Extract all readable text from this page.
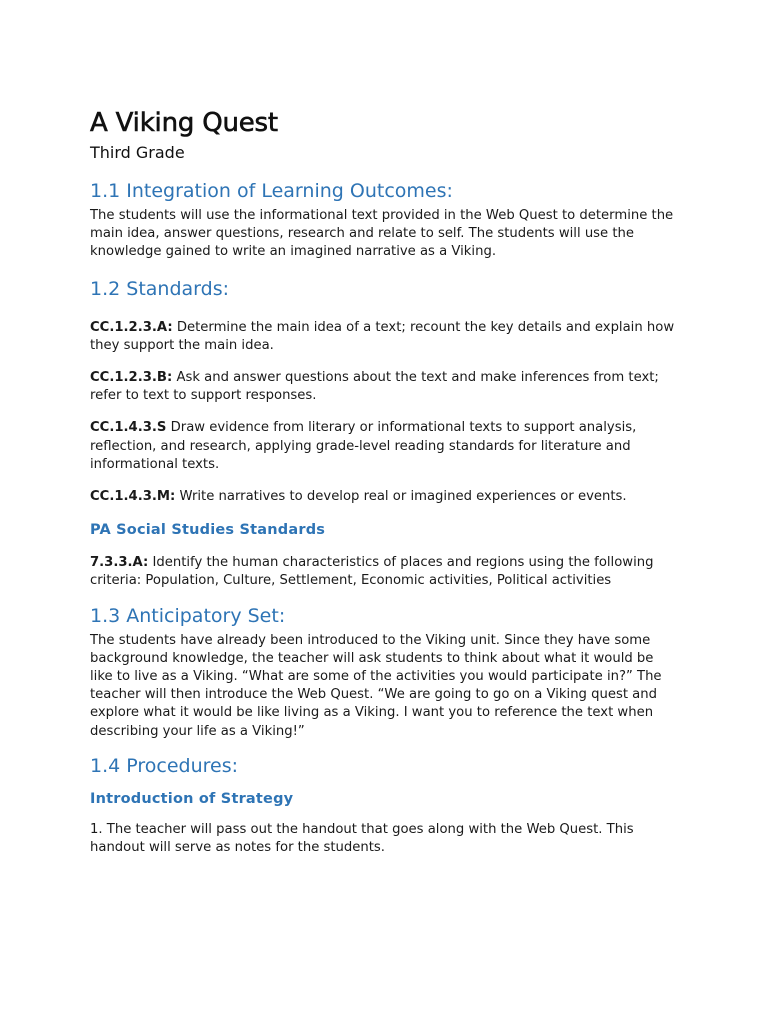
A Viking Quest
Third Grade
1.1 Integration of Learning Outcomes:

The students will use the informational text provided in the Web Quest to determine the main idea, answer questions, research and relate to self. The students will use the knowledge gained to write an imagined narrative as a Viking.

1.2 Standards:

CC.1.2.3.A: Determine the main idea of a text; recount the key details and explain how they support the main idea.

CC.1.2.3.B: Ask and answer questions about the text and make inferences from text; refer to text to support responses.

CC.1.4.3.S Draw evidence from literary or informational texts to support analysis, reflection, and research, applying grade-level reading standards for literature and informational texts.

CC.1.4.3.M: Write narratives to develop real or imagined experiences or events.

PA Social Studies Standards

7.3.3.A: Identify the human characteristics of places and regions using the following criteria: Population, Culture, Settlement, Economic activities, Political activities

1.3 Anticipatory Set:

The students have already been introduced to the Viking unit. Since they have some background knowledge, the teacher will ask students to think about what it would be like to live as a Viking. “What are some of the activities you would participate in?” The teacher will then introduce the Web Quest. “We are going to go on a Viking quest and explore what it would be like living as a Viking. I want you to reference the text when describing your life as a Viking!”

1.4 Procedures:
Introduction of Strategy

1. The teacher will pass out the handout that goes along with the Web Quest. This handout will serve as notes for the students.
